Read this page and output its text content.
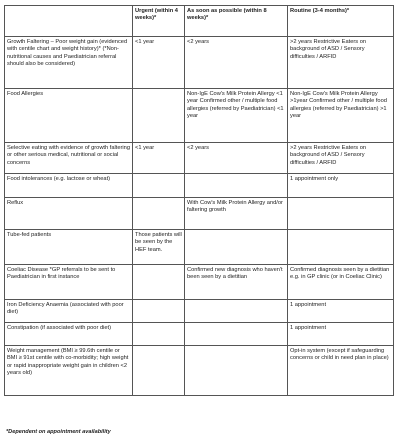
	Urgent (within 4 weeks)*	As soon as possible (within 8 weeks)*	Routine (3-4 months)*
Growth Faltering – Poor weight gain (evidenced with centile chart and weight history)* (*Non-nutritional causes and Paediatrician referral should also be considered)	<1 year	<2 years	>2 years Restrictive Eaters on background of ASD / Sensory difficulties / ARFID
Food Allergies		Non-IgE Cow's Milk Protein Allergy <1 year Confirmed other / multiple food allergies (referred by Paediatrician) <1 year	Non-IgE Cow's Milk Protein Allergy >1year Confirmed other / multiple food allergies (referred by Paediatrician) >1 year
Selective eating with evidence of growth faltering or other serious medical, nutritional or social concerns	<1 year	<2 years	>2 years Restrictive Eaters on background of ASD / Sensory difficulties / ARFID
Food intolerances (e.g. lactose or wheat)			1 appointment only
Reflux		With Cow's Milk Protein Allergy and/or faltering growth	
Tube-fed patients	Those patients will be seen by the HEF team.		
Coeliac Disease *GP referrals to be sent to Paediatrician in first instance		Confirmed new diagnosis who haven't been seen by a dietitian	Confirmed diagnosis seen by a dietitian e.g. in GP clinic (or in Coeliac Clinic)
Iron Deficiency Anaemia (associated with poor diet)			1 appointment
Constipation (if associated with poor diet)			1 appointment
Weight management (BMI ≥ 99.6th centile or BMI ≥ 91st centile with co-morbidity; high weight or rapid inappropriate weight gain in children <2 years old)			Opt-in system (except if safeguarding concerns or child in need plan in place)
*Dependent on appointment availability
